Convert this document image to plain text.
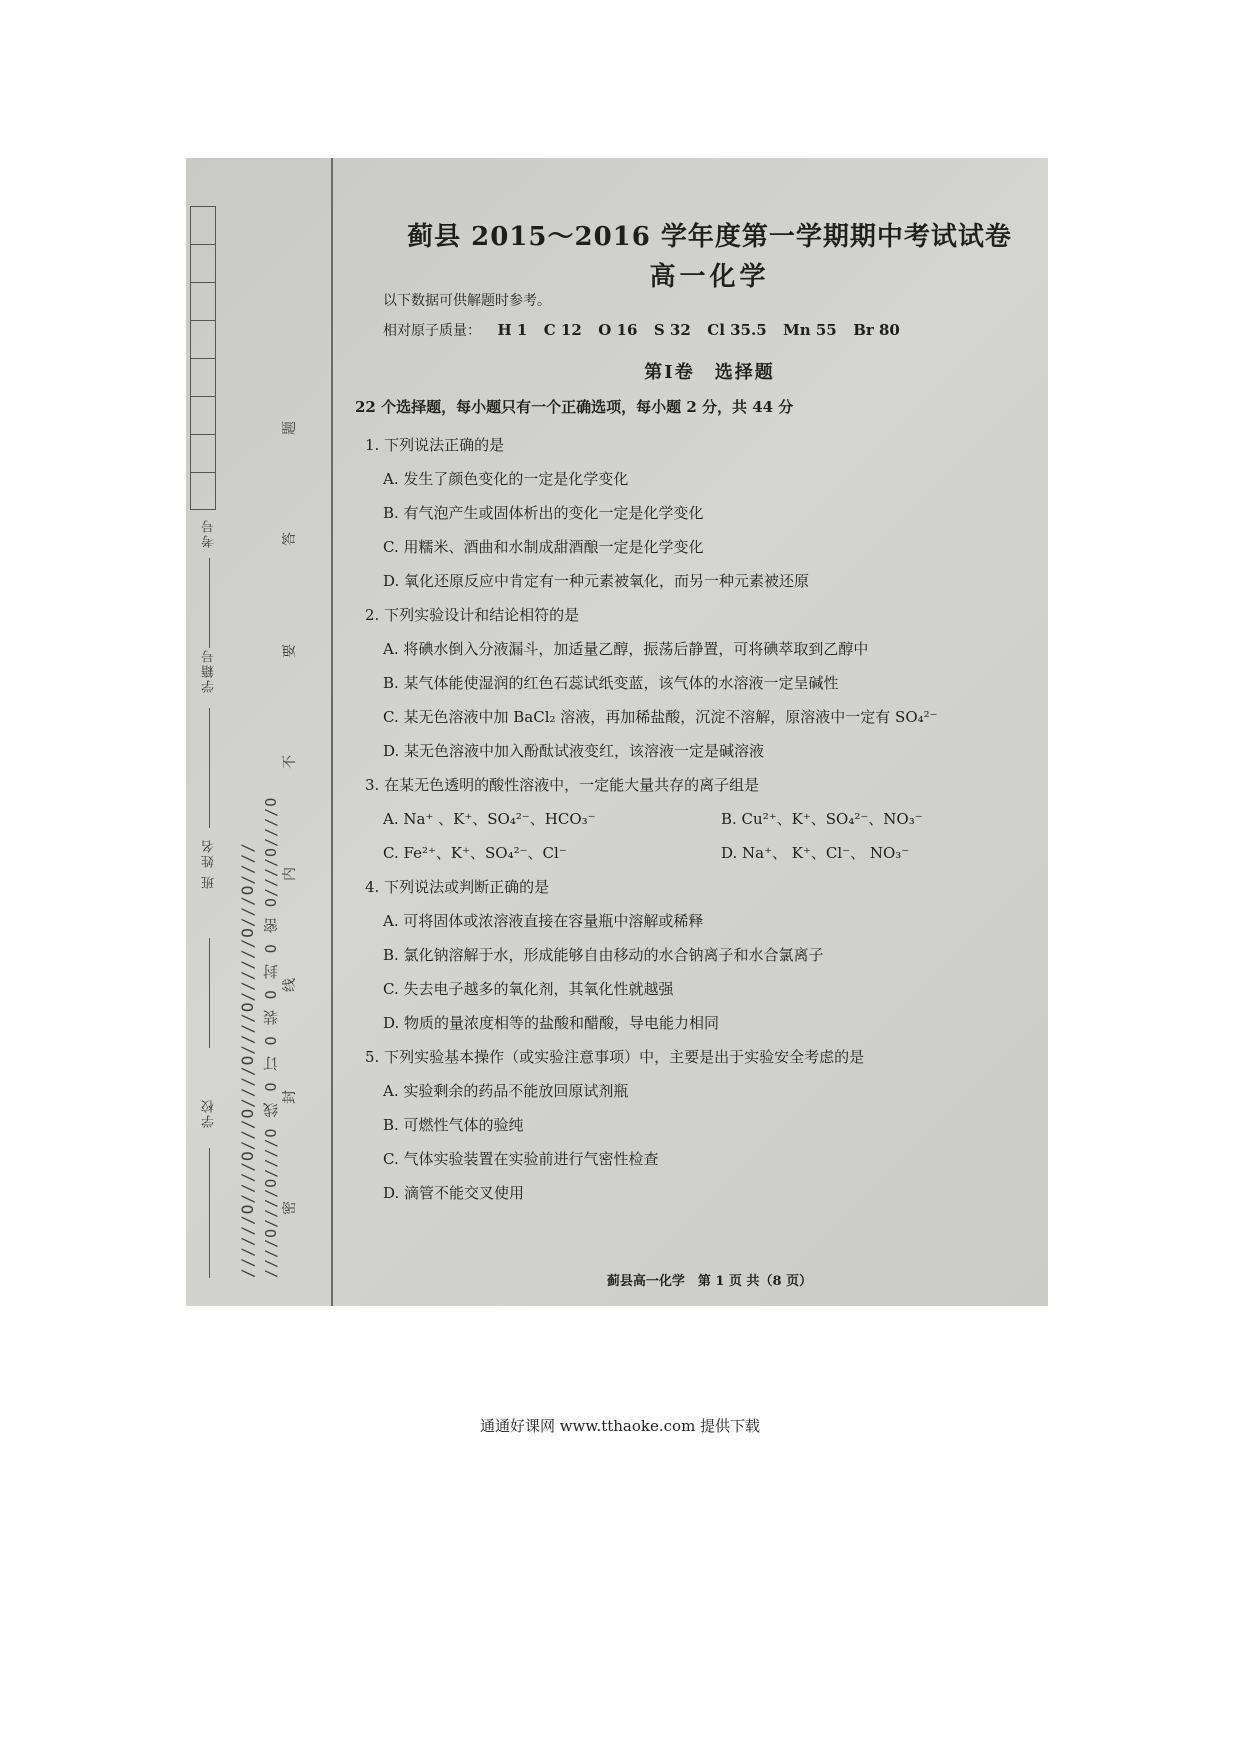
考号
学籍号
班 姓名
学校 //////O////O///O////O////O//////O///O////
题
答
要
不
内
线
封
密
////O////O////O 线 O 订 O 装 O 封 O 密 O////O////O
蓟县 2015～2016 学年度第一学期期中考试试卷
高一化学
以下数据可供解题时参考。
相对原子质量： H 1 C 12 O 16 S 32 Cl 35.5 Mn 55 Br 80
第Ⅰ卷　选择题
22 个选择题，每小题只有一个正确选项，每小题 2 分，共 44 分
1. 下列说法正确的是
A. 发生了颜色变化的一定是化学变化
B. 有气泡产生或固体析出的变化一定是化学变化
C. 用糯米、酒曲和水制成甜酒酿一定是化学变化
D. 氧化还原反应中肯定有一种元素被氧化，而另一种元素被还原
2. 下列实验设计和结论相符的是
A. 将碘水倒入分液漏斗，加适量乙醇，振荡后静置，可将碘萃取到乙醇中
B. 某气体能使湿润的红色石蕊试纸变蓝，该气体的水溶液一定呈碱性
C. 某无色溶液中加 BaCl₂ 溶液，再加稀盐酸，沉淀不溶解，原溶液中一定有 SO₄²⁻
D. 某无色溶液中加入酚酞试液变红，该溶液一定是碱溶液
3. 在某无色透明的酸性溶液中，一定能大量共存的离子组是
A. Na⁺ 、K⁺、SO₄²⁻、HCO₃⁻	B. Cu²⁺、K⁺、SO₄²⁻、NO₃⁻
C. Fe²⁺、K⁺、SO₄²⁻、Cl⁻	D. Na⁺、 K⁺、Cl⁻、 NO₃⁻
4. 下列说法或判断正确的是
A. 可将固体或浓溶液直接在容量瓶中溶解或稀释
B. 氯化钠溶解于水，形成能够自由移动的水合钠离子和水合氯离子
C. 失去电子越多的氧化剂，其氧化性就越强
D. 物质的量浓度相等的盐酸和醋酸，导电能力相同
5. 下列实验基本操作（或实验注意事项）中，主要是出于实验安全考虑的是
A. 实验剩余的药品不能放回原试剂瓶
B. 可燃性气体的验纯
C. 气体实验装置在实验前进行气密性检查
D. 滴管不能交叉使用
蓟县高一化学　第 1 页 共（8 页）
通通好课网 www.tthaoke.com 提供下载
